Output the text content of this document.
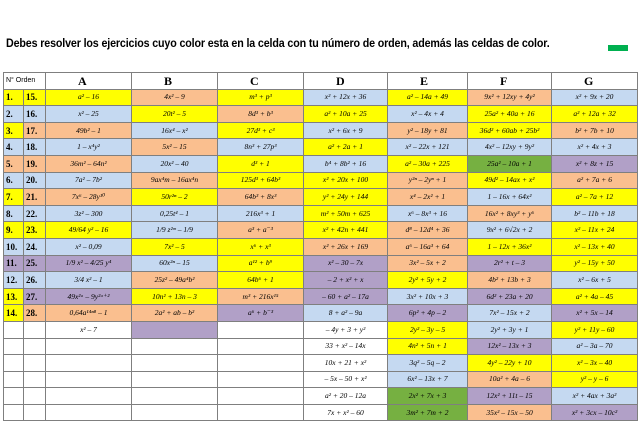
Debes resolver los ejercicios cuyo color esta en la celda con tu número de orden, además las celdas de color.
N° Orden		A	B	C	D	E	F	G
1.	15.	a² – 16	4x² – 9	m³ + p³	x² + 12x + 36	a² – 14a + 49	9x² + 12xy + 4y²	x² + 9x + 20
2.	16.	x² – 25	20t² – 5	8d³ + b³	a² + 10a + 25	x² – 4x + 4	25a² + 40a + 16	a² + 12a + 32
3.	17.	49b² – 1	16x⁴ – x²	27d³ + c³	x² + 6x + 9	y² – 18y + 81	36d² + 60ab + 25b²	b² + 7b + 10
4.	18.	1 – x⁴y²	5x² – 15	8n³ + 27p³	a² + 2a + 1	x² – 22x + 121	4x² – 12xy + 9y²	x² + 4x + 3
5.	19.	36m² – 64n²	20x² – 40	d³ + 1	b⁴ + 8b² + 16	a² – 30a + 225	25a² – 10a + 1	x² + 8z + 15
6.	20.	7a² – 7b²	9ax⁴m – 16ax⁴n	125d³ + 64b³	x² + 20x + 100	y²ⁿ – 2yⁿ + 1	49d² – 14ax + x²	a² + 7a + 6
7.	21.	7x⁶ – 28y¹⁰	50r²ⁿ – 2	64b³ + 8x³	y² + 24y + 144	x⁴ – 2x² + 1	1 – 16x + 64x²	a² – 7a + 12
8.	22.	3z² – 300	0,25t⁴ – 1	216x³ + 1	m² + 50m + 625	x⁶ – 8x³ + 16	16x² + 8xy³ + y⁶	b² – 11b + 18
9.	23.	49/64 y² – 16	1/9 z²ᵐ – 1/9	a³ + a⁻³	x² + 42n + 441	d⁸ – 12d⁴ + 36	9x² + 6√2x + 2	x² – 11x + 24
10.	24.	x² – 0,09	7x² – 5	x⁶ + x³	x² + 26x + 169	a⁶ – 16a³ + 64	1 – 12x + 36x²	x² – 13x + 40
11.	25.	1/9 x² – 4/25 y⁴	60x²ⁿ – 15	a¹² + b⁹	x² – 30 – 7x	3x² – 5x + 2	2r² + t – 3	y² – 15y + 50
12.	26.	3/4 x² – 1	25z² – 49a⁴b²	64b⁶ + 1	– 2 + x² + x	2y² + 5y + 2	4b² + 13b + 3	x² – 6x + 5
13.	27.	49x²ᵃ – 9y²ᵃ⁺²	10n² + 13n – 3	m³ + 216x¹⁵	– 60 + a² – 17a	3x² + 10x + 3	6d² + 23a + 20	a² + 4a – 45
14.	28.	0,64a¹⁴ⁿ⁸ – 1	2a² + ab – b²	a⁶ + b⁻³	8 + a² – 9a	6p² + 4p – 2	7x² – 15x + 2	x² + 5x – 14
		x² – 7			– 4y + 3 + y²	2y² – 3y – 5	2y² + 3y + 1	y² + 11y – 60
					33 + x² – 14x	4n² + 5n + 1	12x² – 13x + 3	a² – 3a – 70
					10x + 21 + x²	3q² – 5q – 2	4y² – 22y + 10	x² – 3x – 40
					– 5x – 50 + x²	6x² – 13x + 7	10a² + 4a – 6	y² – y – 6
					a² + 20 – 12a	2x² + 7x + 3	12x² + 11t – 15	x² + 4ax + 3a²
					7x + x² – 60	3m² + 7m + 2	35x² – 15x – 50	x² + 3cx – 10c²
